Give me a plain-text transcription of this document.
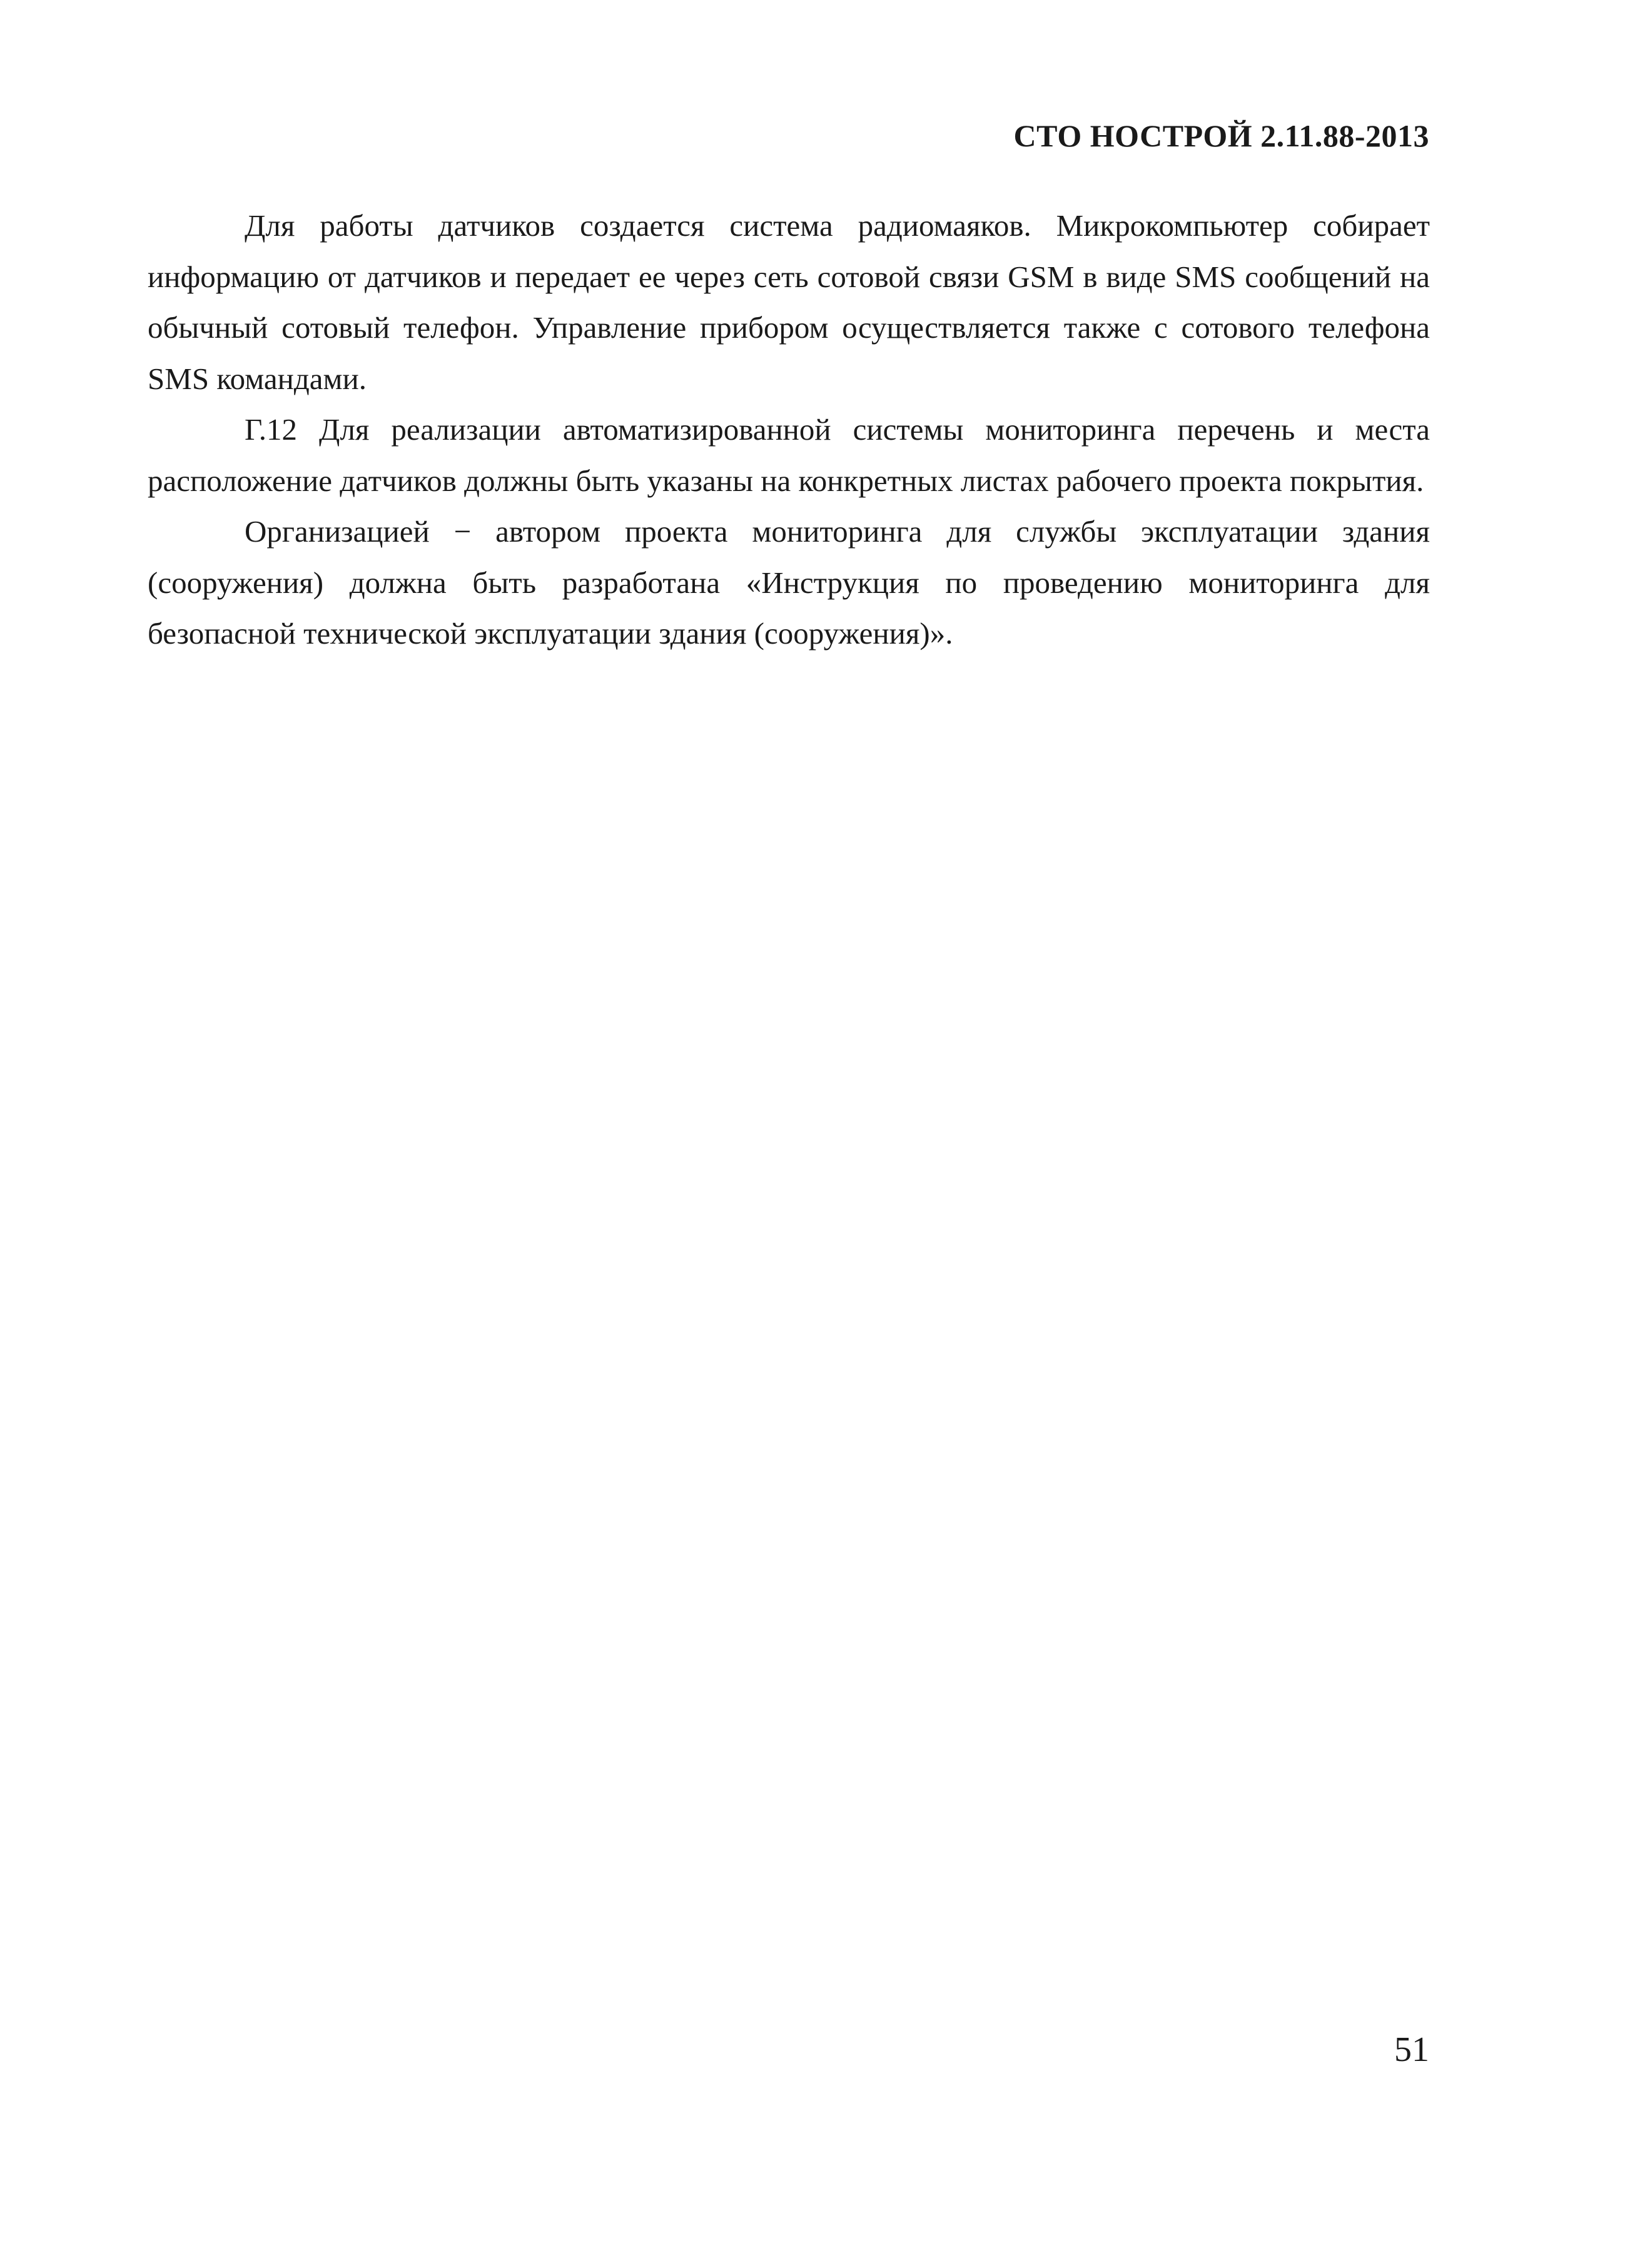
СТО НОСТРОЙ 2.11.88-2013

Для работы датчиков создается система радиомаяков. Микрокомпьютер собирает информацию от датчиков и передает ее через сеть сотовой связи GSM в виде SMS сообщений на обычный сотовый телефон. Управление прибором осуществляется также с сотового телефона SMS командами.

Г.12 Для реализации автоматизированной системы мониторинга перечень и места расположение датчиков должны быть указаны на конкретных листах рабочего проекта покрытия.

Организацией − автором проекта мониторинга для службы эксплуатации здания (сооружения) должна быть разработана «Инструкция по проведению мониторинга для безопасной технической эксплуатации здания (сооружения)».

51
